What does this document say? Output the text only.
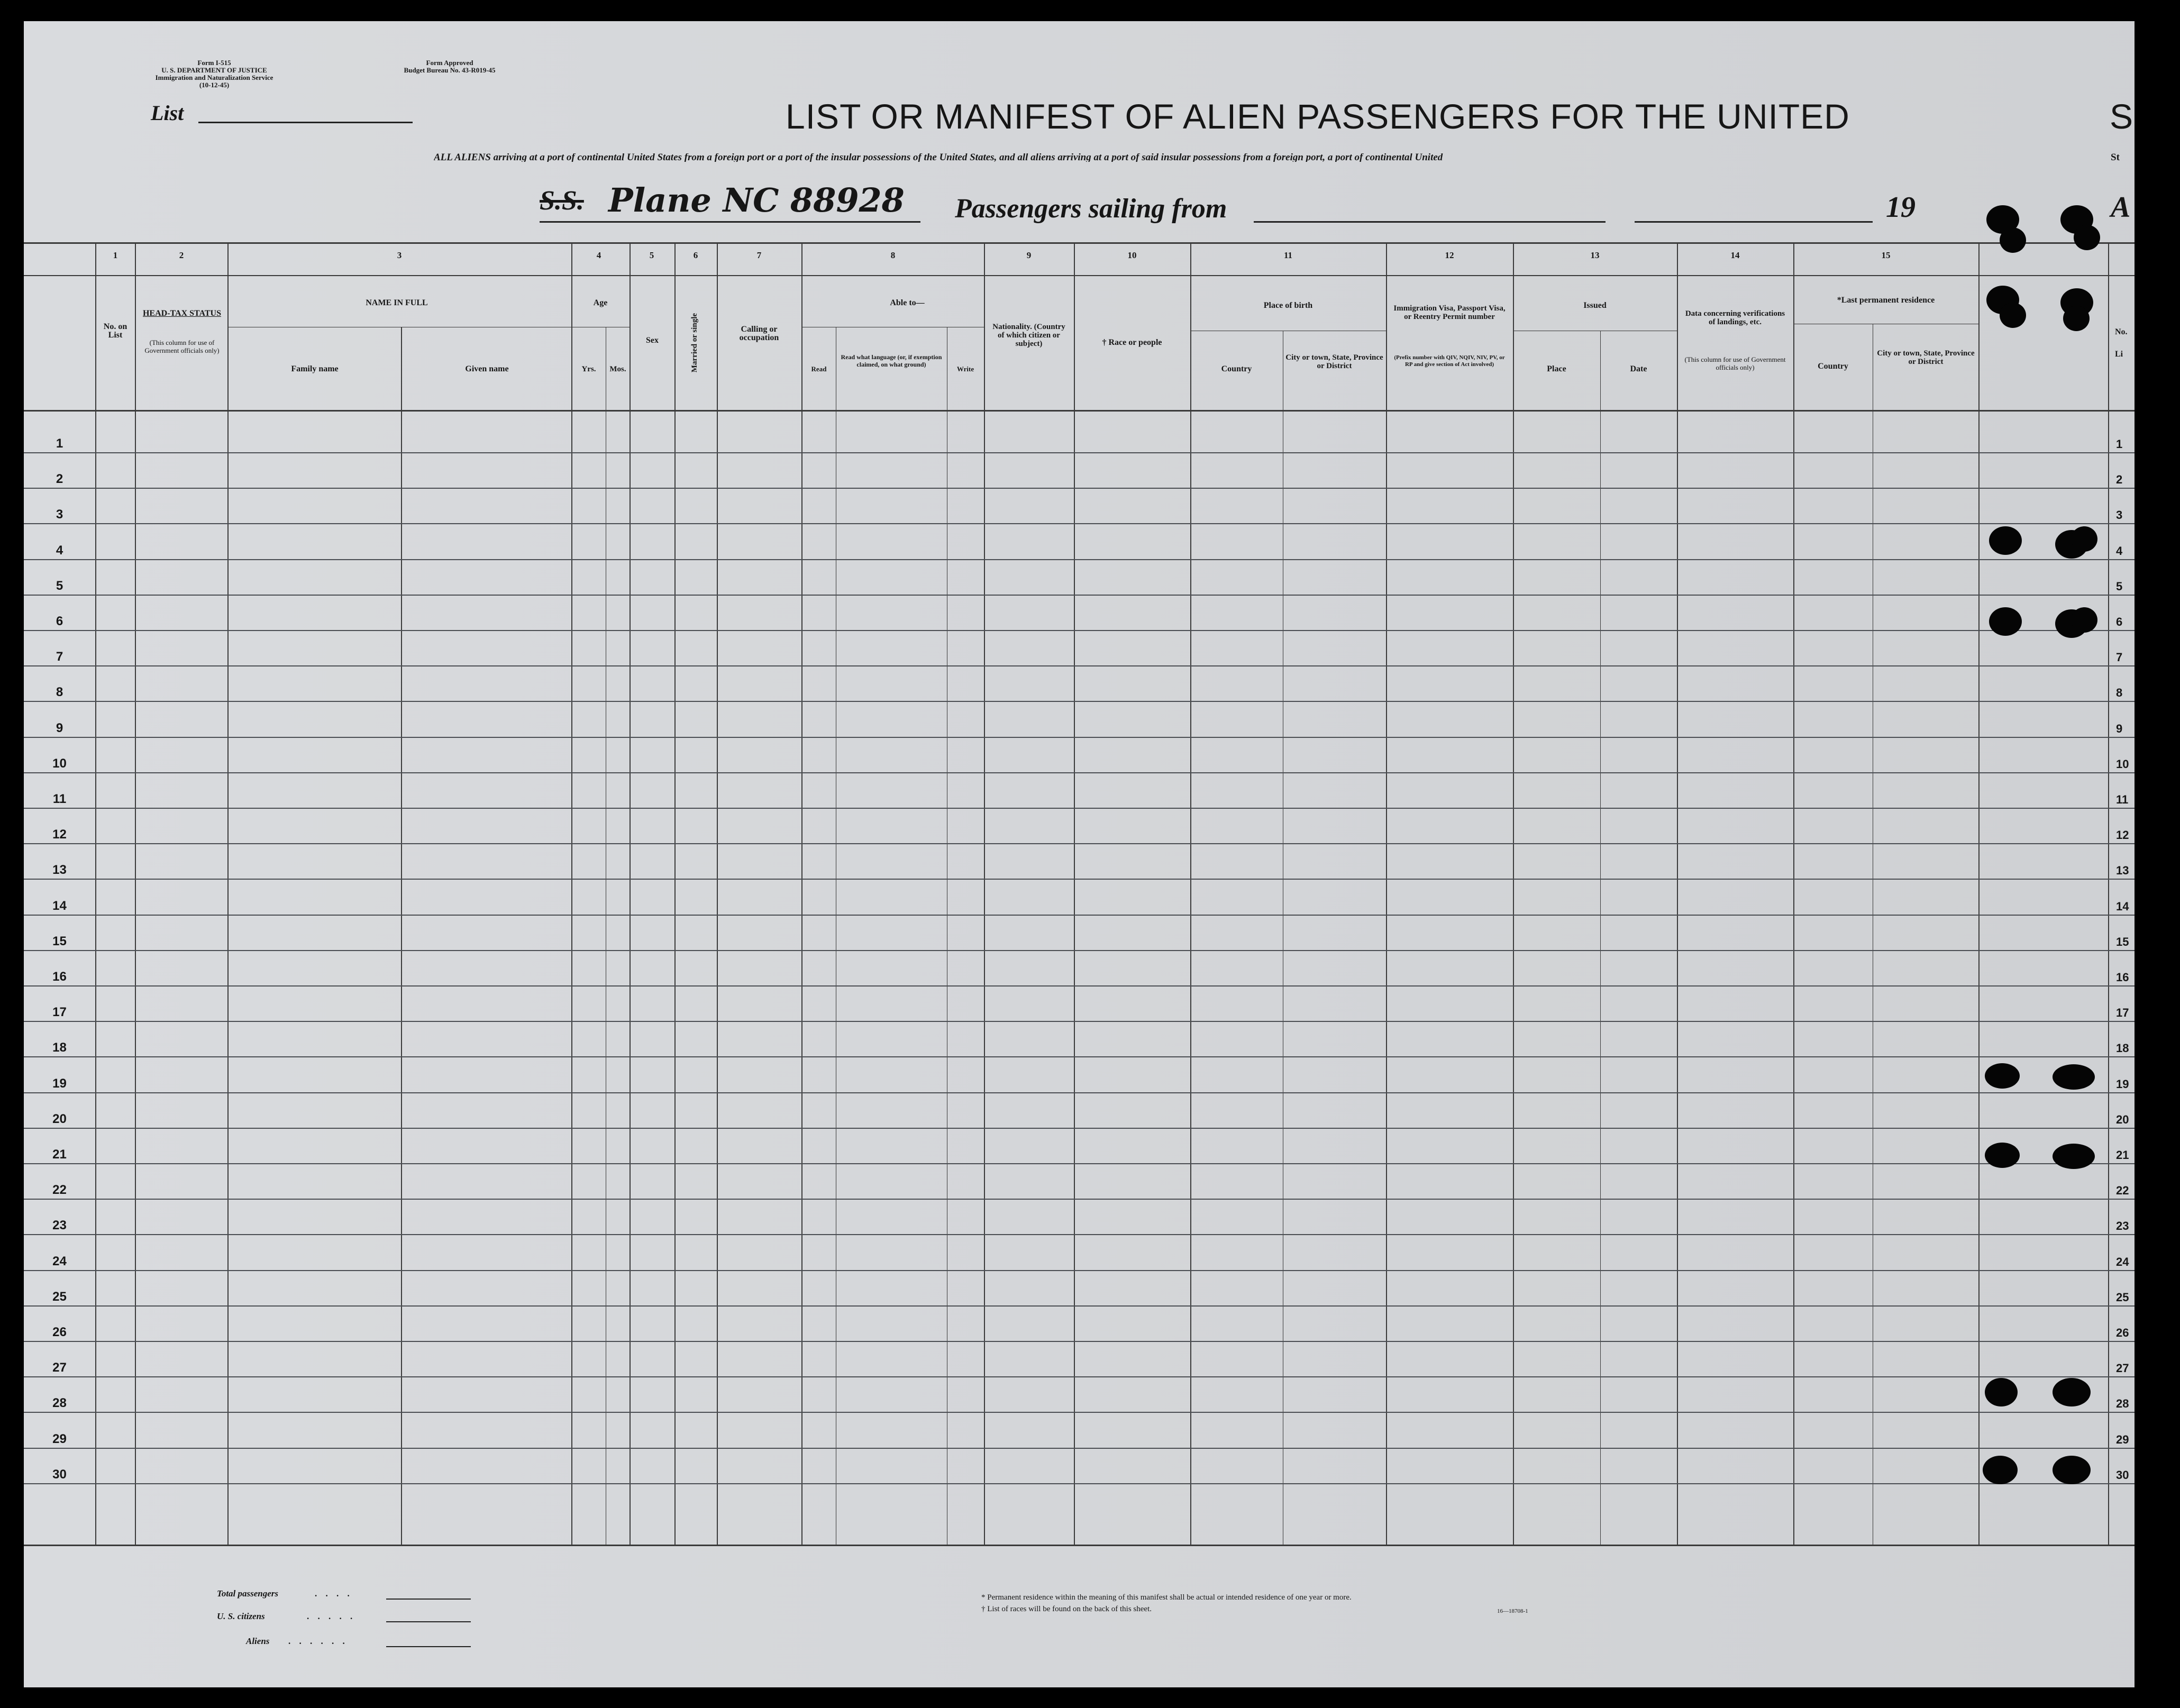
Form I-515
U. S. DEPARTMENT OF JUSTICE
Immigration and Naturalization Service
(10-12-45)
Form Approved
Budget Bureau No. 43-R019-45
List	LIST OR MANIFEST OF ALIEN PASSENGERS FOR THE UNITED	S
ALL ALIENS arriving at a port of continental United States from a foreign port or a port of the insular possessions of the United States, and all aliens arriving at a port of said insular possessions from a foreign port, a port of continental United	St
S.S. Plane NC 88928 Passengers sailing from	19	A
1	2	3	4	5	6	7	8	9	10	11	12	13	14	15
No. on List
HEAD-TAX STATUS
(This column for use of Government officials only)
NAME IN FULL
Family name	Given name
Age
Yrs.	Mos.
Sex	Married or single	Calling or occupation
Able to—
Read
Read what language (or, if exemption claimed, on what ground)
Write
Nationality. (Country of which citizen or subject)	† Race or people
Place of birth
Country
City or town, State, Province or District
Immigration Visa, Passport Visa, or Reentry Permit number
(Prefix number with QIV, NQIV, NIV, PV, or RP and give section of Act involved)
Issued
Place	Date
Data concerning verifications of landings, etc.
(This column for use of Government officials only)
*Last permanent residence
Country
City or town, State, Province or District
No.
Li
1	1
2	2
3	3
4	4
5	5
6	6
7	7
8	8
9	9
10	10
11	11
12	12
13	13
14	14
15	15
16	16
17	17
18	18
19	19
20	20
21	21
22	22
23	23
24	24
25	25
26	26
27	27
28	28
29	29
30	30
Total passengers	. . . .
U. S. citizens	. . . . .
Aliens . . . . . .
* Permanent residence within the meaning of this manifest shall be actual or intended residence of one year or more.
† List of races will be found on the back of this sheet.	16—18708-1
